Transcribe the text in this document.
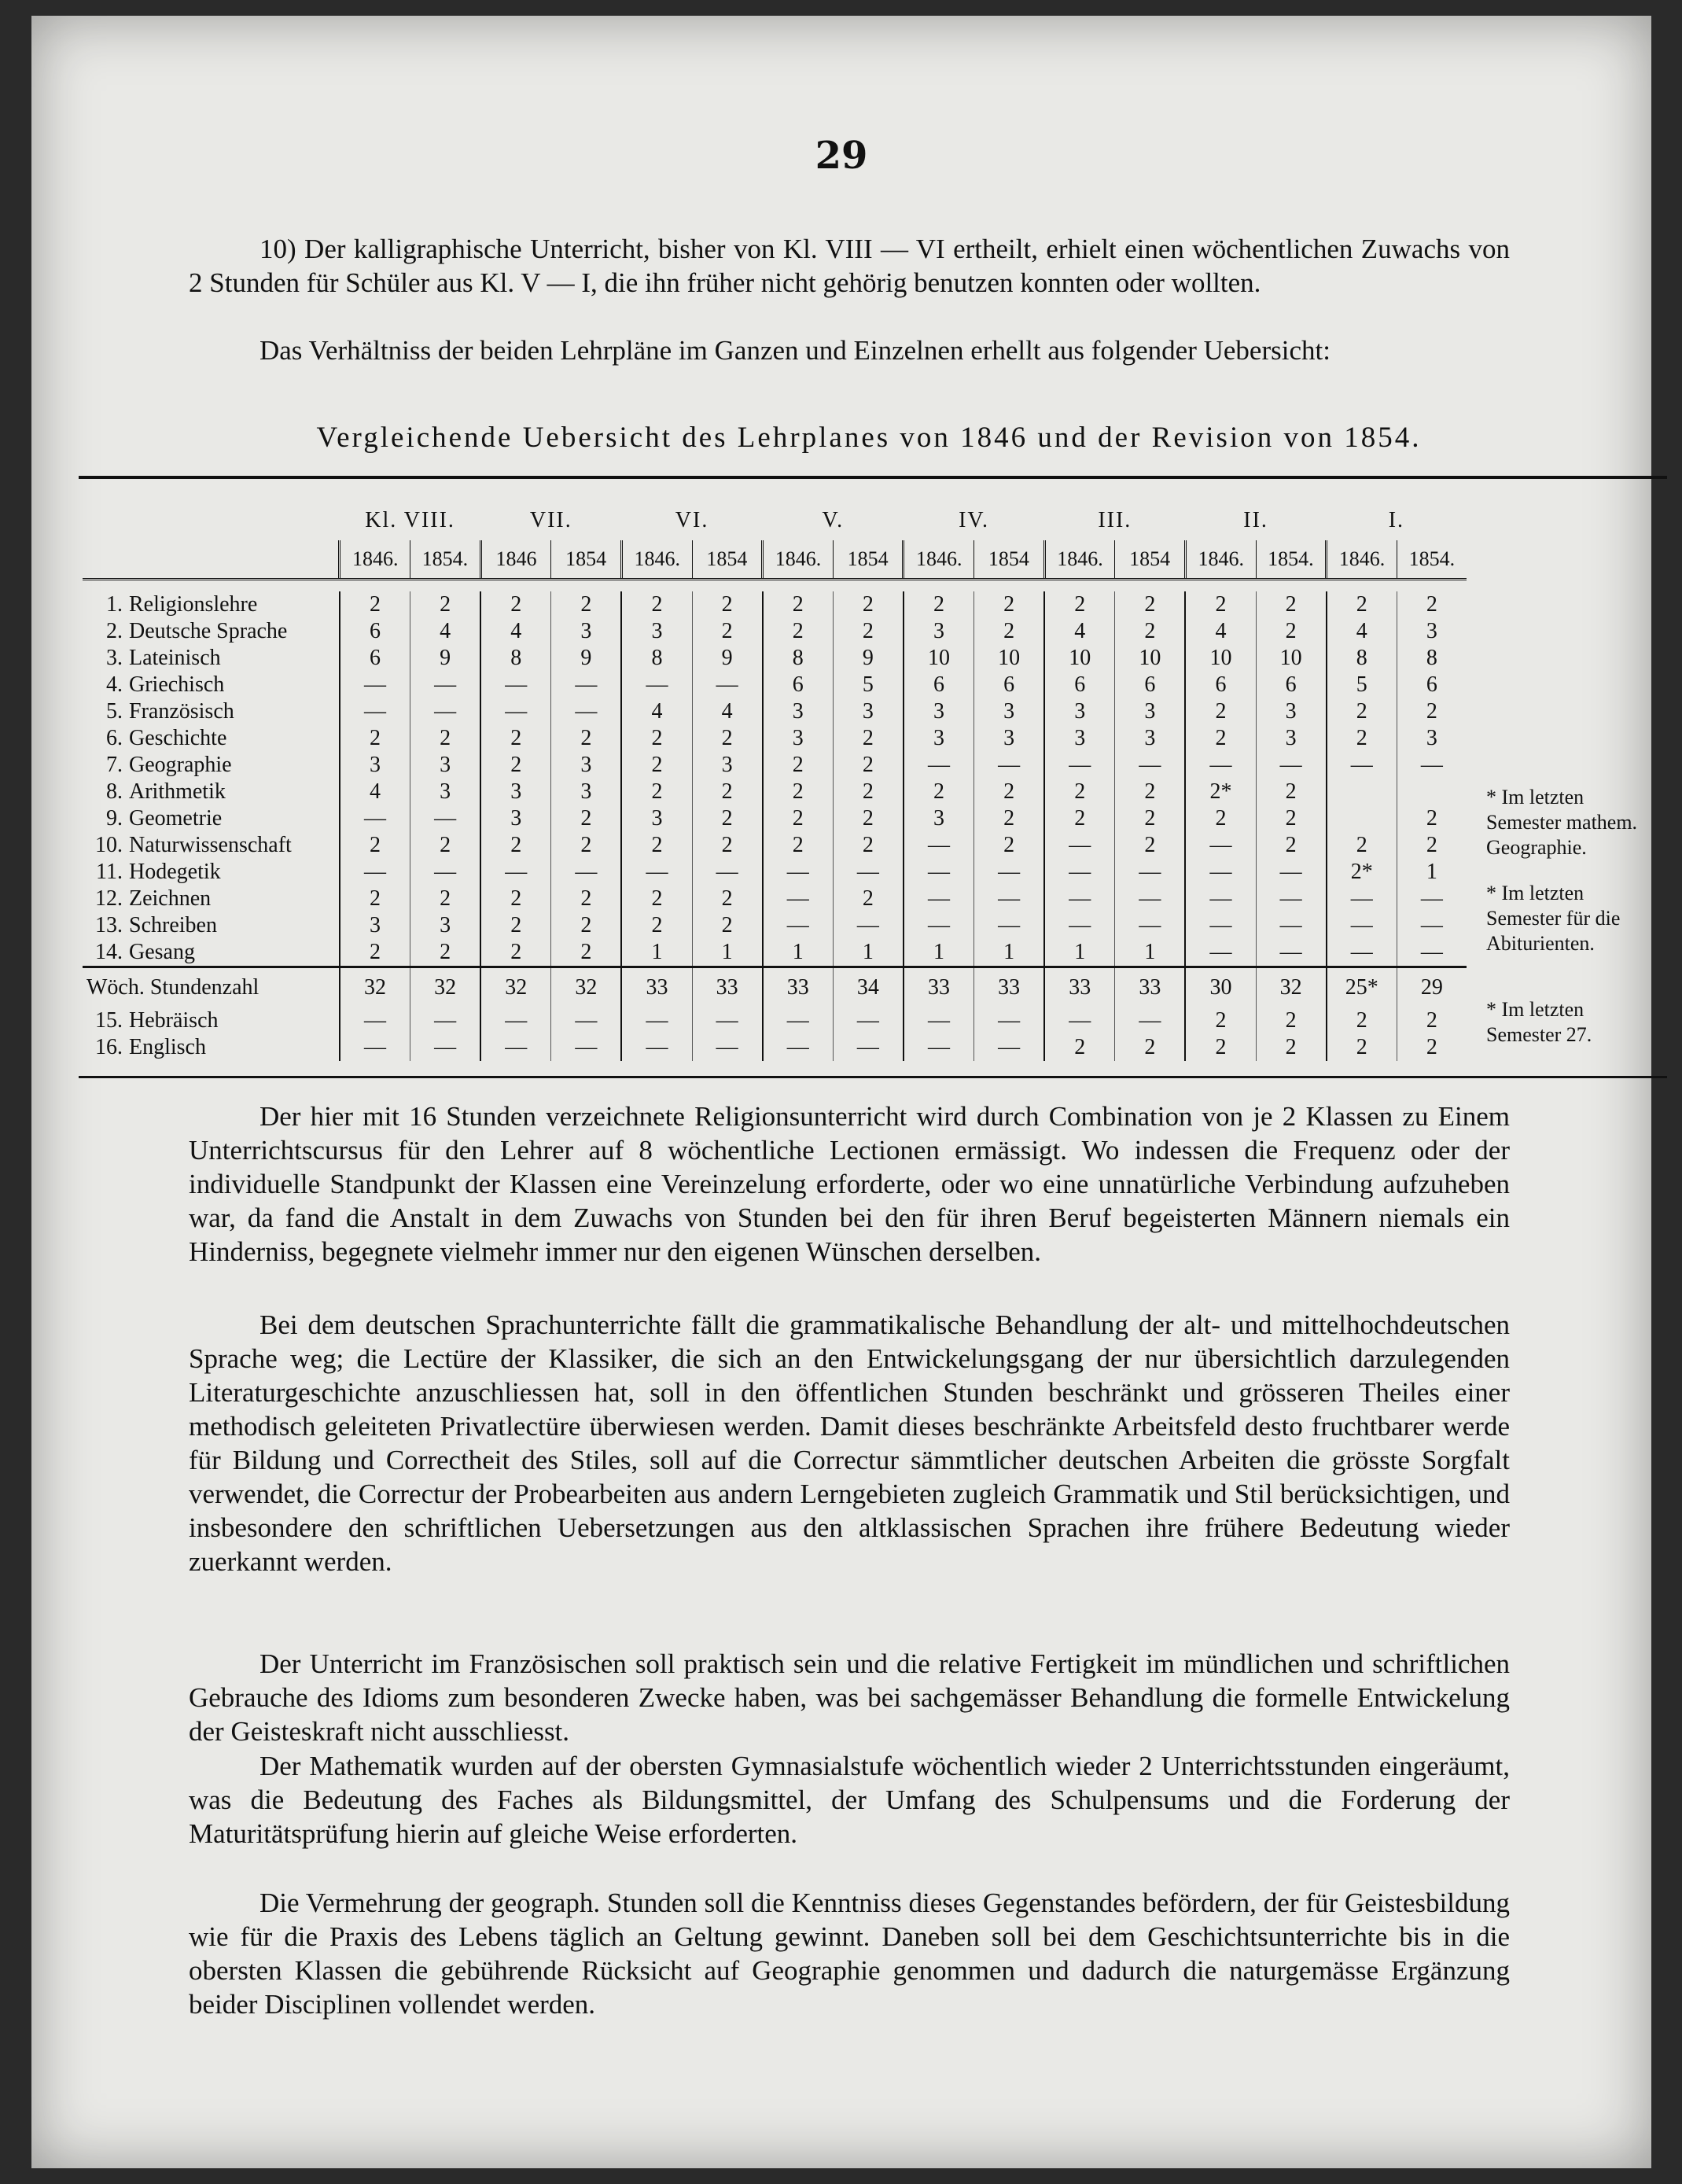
29

10) Der kalligraphische Unterricht, bisher von Kl. VIII — VI ertheilt, erhielt einen wöchentlichen Zuwachs von 2 Stunden für Schüler aus Kl. V — I, die ihn früher nicht gehörig benutzen konnten oder wollten.

Das Verhältniss der beiden Lehrpläne im Ganzen und Einzelnen erhellt aus folgender Uebersicht:

Vergleichende Uebersicht des Lehrplanes von 1846 und der Revision von 1854.
	Kl. VIII.		VII.		VI.		V.		IV.		III.		II.		I.	
	1846.	1854.	1846	1854	1846.	1854	1846.	1854	1846.	1854	1846.	1854	1846.	1854.	1846.	1854.

1. Religionslehre	2	2	2	2	2	2	2	2	2	2	2	2	2	2	2	2
2. Deutsche Sprache	6	4	4	3	3	2	2	2	3	2	4	2	4	2	4	3
3. Lateinisch	6	9	8	9	8	9	8	9	10	10	10	10	10	10	8	8
4. Griechisch	—	—	—	—	—	—	6	5	6	6	6	6	6	6	5	6
5. Französisch	—	—	—	—	4	4	3	3	3	3	3	3	2	3	2	2
6. Geschichte	2	2	2	2	2	2	3	2	3	3	3	3	2	3	2	3
7. Geographie	3	3	2	3	2	3	2	2	—	—	—	—	—	—	—	—
8. Arithmetik	4	3	3	3	2	2	2	2	2	2	2	2	2*	2		
9. Geometrie	—	—	3	2	3	2	2	2	3	2	2	2	2	2		2
10. Naturwissenschaft	2	2	2	2	2	2	2	2	—	2	—	2	—	2	2	2
11. Hodegetik	—	—	—	—	—	—	—	—	—	—	—	—	—	—	2*	1
12. Zeichnen	2	2	2	2	2	2	—	2	—	—	—	—	—	—	—	—
13. Schreiben	3	3	2	2	2	2	—	—	—	—	—	—	—	—	—	—
14. Gesang	2	2	2	2	1	1	1	1	1	1	1	1	—	—	—	—
Wöch. Stundenzahl	32	32	32	32	33	33	33	34	33	33	33	33	30	32	25*	29
15. Hebräisch	—	—	—	—	—	—	—	—	—	—	—	—	2	2	2	2
16. Englisch	—	—	—	—	—	—	—	—	—	—	2	2	2	2	2	2
* Im letzten Semester mathem. Geographie.
* Im letzten Semester für die Abiturienten.
* Im letzten Semester 27.

Der hier mit 16 Stunden verzeichnete Religionsunterricht wird durch Combination von je 2 Klassen zu Einem Unterrichtscursus für den Lehrer auf 8 wöchentliche Lectionen ermässigt. Wo indessen die Frequenz oder der individuelle Standpunkt der Klassen eine Vereinzelung erforderte, oder wo eine unnatürliche Verbindung aufzuheben war, da fand die Anstalt in dem Zuwachs von Stunden bei den für ihren Beruf begeisterten Männern niemals ein Hinderniss, begegnete vielmehr immer nur den eigenen Wünschen derselben.

Bei dem deutschen Sprachunterrichte fällt die grammatikalische Behandlung der alt- und mittelhochdeutschen Sprache weg; die Lectüre der Klassiker, die sich an den Entwickelungsgang der nur übersichtlich darzulegenden Literaturgeschichte anzuschliessen hat, soll in den öffentlichen Stunden beschränkt und grösseren Theiles einer methodisch geleiteten Privatlectüre überwiesen werden. Damit dieses beschränkte Arbeitsfeld desto fruchtbarer werde für Bildung und Correctheit des Stiles, soll auf die Correctur sämmtlicher deutschen Arbeiten die grösste Sorgfalt verwendet, die Correctur der Probearbeiten aus andern Lerngebieten zugleich Grammatik und Stil berücksichtigen, und insbesondere den schriftlichen Uebersetzungen aus den altklassischen Sprachen ihre frühere Bedeutung wieder zuerkannt werden.

Der Unterricht im Französischen soll praktisch sein und die relative Fertigkeit im mündlichen und schriftlichen Gebrauche des Idioms zum besonderen Zwecke haben, was bei sachgemässer Behandlung die formelle Entwickelung der Geisteskraft nicht ausschliesst.

Der Mathematik wurden auf der obersten Gymnasialstufe wöchentlich wieder 2 Unterrichtsstunden eingeräumt, was die Bedeutung des Faches als Bildungsmittel, der Umfang des Schulpensums und die Forderung der Maturitätsprüfung hierin auf gleiche Weise erforderten.

Die Vermehrung der geograph. Stunden soll die Kenntniss dieses Gegenstandes befördern, der für Geistesbildung wie für die Praxis des Lebens täglich an Geltung gewinnt. Daneben soll bei dem Geschichtsunterrichte bis in die obersten Klassen die gebührende Rücksicht auf Geographie genommen und dadurch die naturgemässe Ergänzung beider Disciplinen vollendet werden.
